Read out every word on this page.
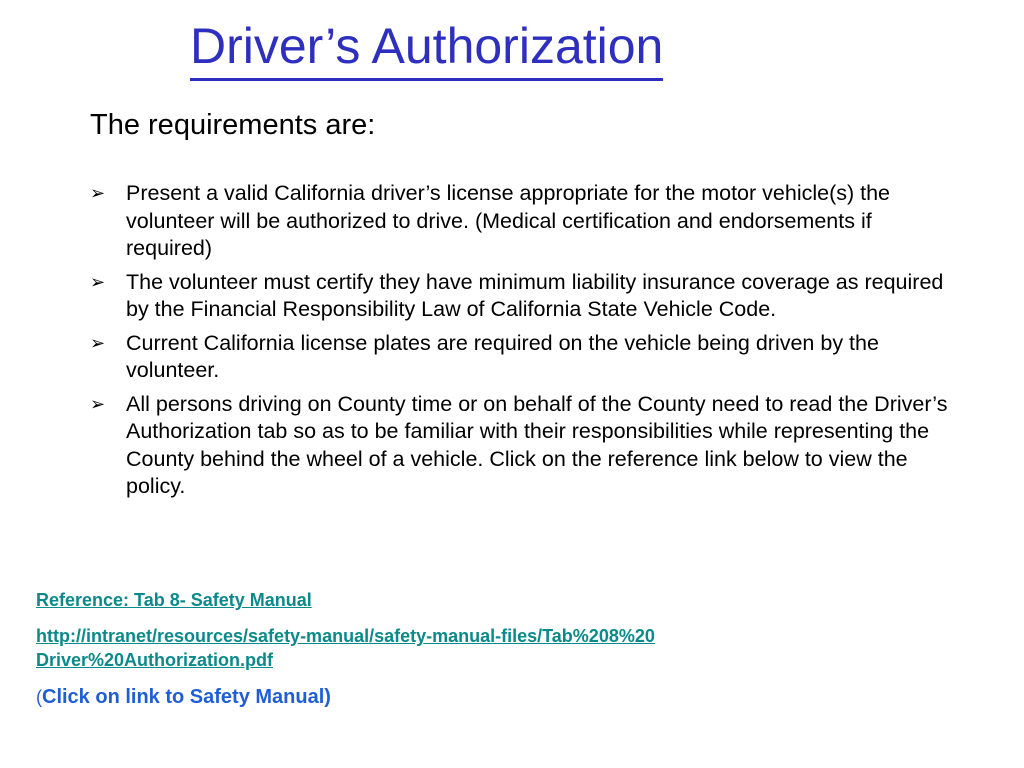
Driver’s Authorization
The requirements are:
➢ Present a valid California driver’s license appropriate for the motor vehicle(s) the volunteer will be authorized to drive. (Medical certification and endorsements if required)
➢ The volunteer must certify they have minimum liability insurance coverage as required by the Financial Responsibility Law of California State Vehicle Code.
➢ Current California license plates are required on the vehicle being driven by the volunteer.
➢ All persons driving on County time or on behalf of the County need to read the Driver’s Authorization tab so as to be familiar with their responsibilities while representing the County behind the wheel of a vehicle. Click on the reference link below to view the policy.
Reference: Tab 8- Safety Manual
http://intranet/resources/safety-manual/safety-manual-files/Tab%208%20Driver%20Authorization.pdf
(Click on link to Safety Manual)
